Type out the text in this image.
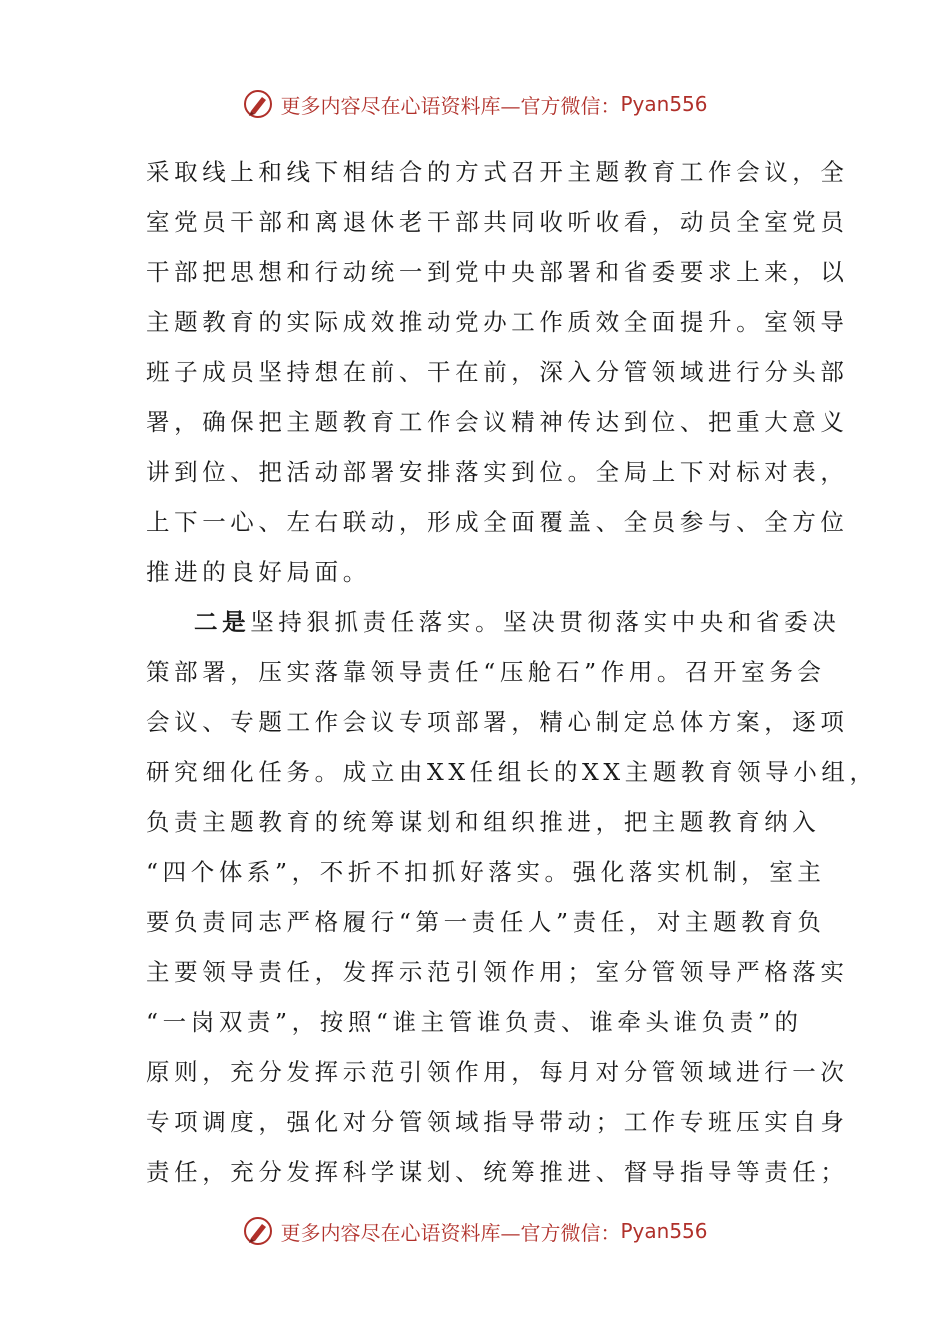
更多内容尽在心语资料库—官方微信： Pyan556
采取线上和线下相结合的方式召开主题教育工作会议，全
室党员干部和离退休老干部共同收听收看，动员全室党员
干部把思想和行动统一到党中央部署和省委要求上来，以
主题教育的实际成效推动党办工作质效全面提升。室领导
班子成员坚持想在前、干在前，深入分管领域进行分头部
署，确保把主题教育工作会议精神传达到位、把重大意义
讲到位、把活动部署安排落实到位。全局上下对标对表，
上下一心、左右联动，形成全面覆盖、全员参与、全方位
推进的良好局面。
二是坚持狠抓责任落实。坚决贯彻落实中央和省委决
策部署，压实落靠领导责任“压舱石”作用。召开室务会
会议、专题工作会议专项部署，精心制定总体方案，逐项
研究细化任务。成立由XX任组长的XX主题教育领导小组，
负责主题教育的统筹谋划和组织推进，把主题教育纳入
“四个体系”，不折不扣抓好落实。强化落实机制，室主
要负责同志严格履行“第一责任人”责任，对主题教育负
主要领导责任，发挥示范引领作用；室分管领导严格落实
“一岗双责”，按照“谁主管谁负责、谁牵头谁负责”的
原则，充分发挥示范引领作用，每月对分管领域进行一次
专项调度，强化对分管领域指导带动；工作专班压实自身
责任，充分发挥科学谋划、统筹推进、督导指导等责任；
更多内容尽在心语资料库—官方微信： Pyan556
